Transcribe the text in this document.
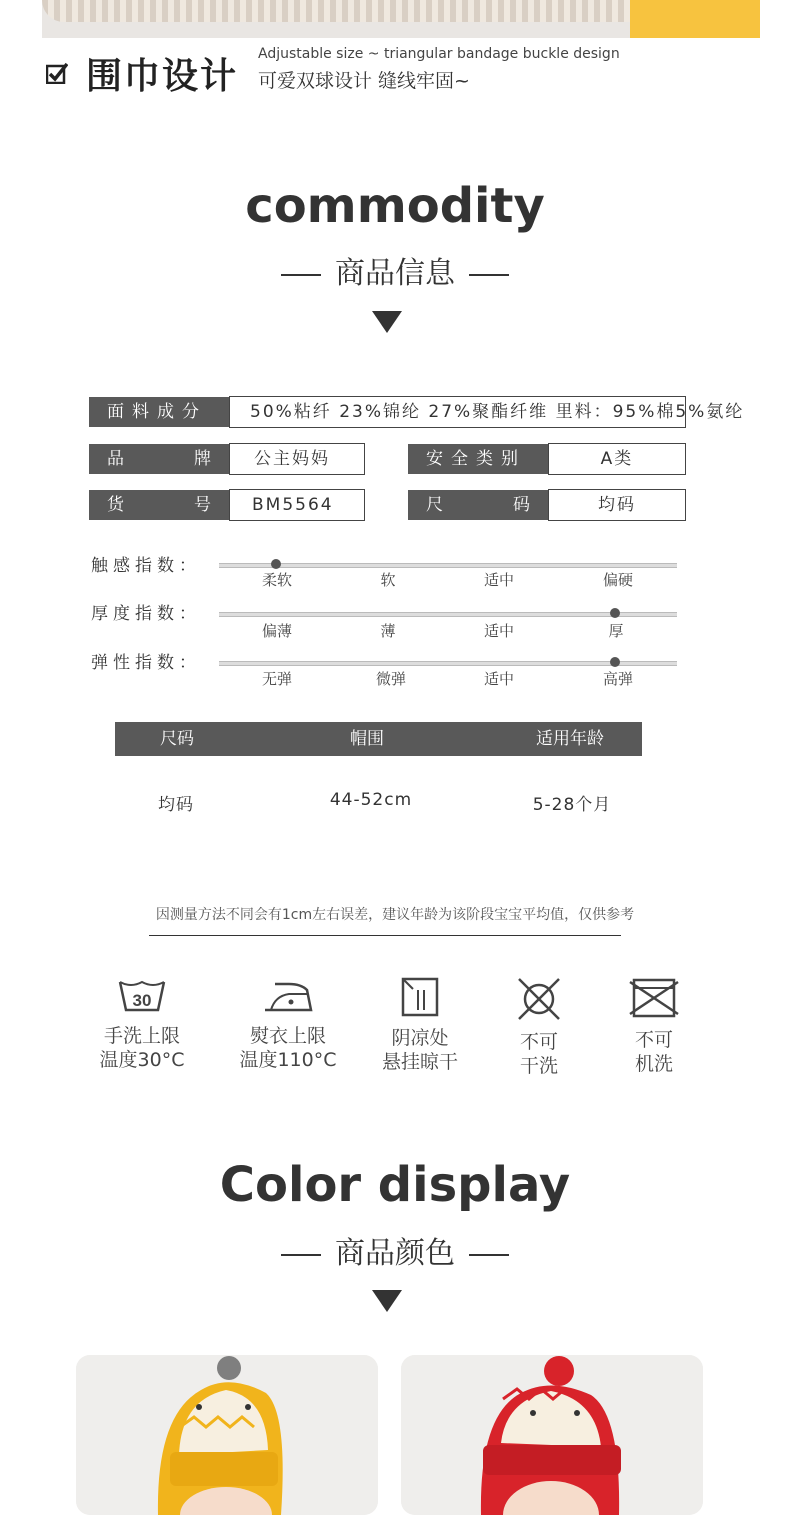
围巾设计
Adjustable size ~ triangular bandage buckle design
可爱双球设计 缝线牢固~
commodity
商品信息
面料成分	50%粘纤 23%锦纶 27%聚酯纤维 里料：95%棉5%氨纶
品	牌	公主妈妈	安全类别	A类
货	号	BM5564	尺	码	均码
触感指数：
柔软	软	适中	偏硬
厚度指数：
偏薄	薄	适中	厚
弹性指数：
无弹	微弹	适中	高弹
尺码	帽围	适用年龄
均码	44-52cm	5-28个月
因测量方法不同会有1cm左右误差，建议年龄为该阶段宝宝平均值，仅供参考
30
手洗上限
温度30°C
熨衣上限
温度110°C
阴凉处
悬挂晾干
不可
干洗
不可
机洗
Color display
商品颜色
